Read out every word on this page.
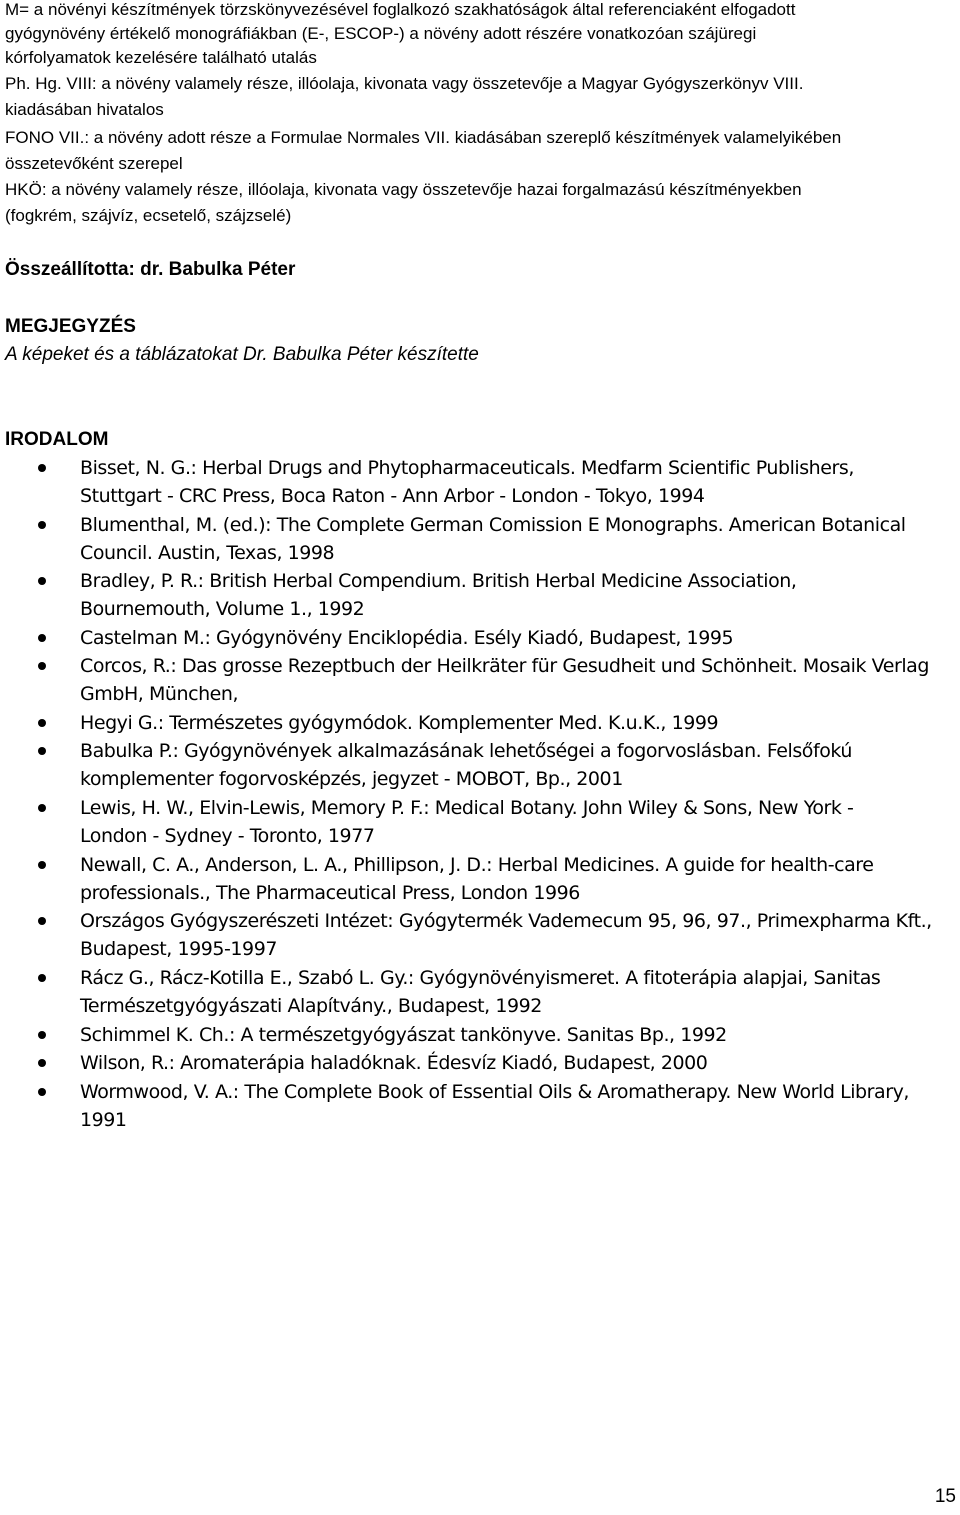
M= a növényi készítmények törzskönyvezésével foglalkozó szakhatóságok által referenciaként elfogadott
gyógynövény értékelő monográfiákban (E-, ESCOP-) a növény adott részére vonatkozóan szájüregi
kórfolyamatok kezelésére található utalás
Ph. Hg. VIII: a növény valamely része, illóolaja, kivonata vagy összetevője a Magyar Gyógyszerkönyv VIII.
kiadásában hivatalos
FONO VII.: a növény adott része a Formulae Normales VII. kiadásában szereplő készítmények valamelyikében
összetevőként szerepel
HKÖ: a növény valamely része, illóolaja, kivonata vagy összetevője hazai forgalmazású készítményekben
(fogkrém, szájvíz, ecsetelő, szájzselé)
Összeállította: dr. Babulka Péter
MEGJEGYZÉS
A képeket és a táblázatokat Dr. Babulka Péter készítette
IRODALOM
Bisset, N. G.: Herbal Drugs and Phytopharmaceuticals. Medfarm Scientific Publishers,
Stuttgart - CRC Press, Boca Raton - Ann Arbor - London - Tokyo, 1994
Blumenthal, M. (ed.): The Complete German Comission E Monographs. American Botanical
Council. Austin, Texas, 1998
Bradley, P. R.: British Herbal Compendium. British Herbal Medicine Association,
Bournemouth, Volume 1., 1992
Castelman M.: Gyógynövény Enciklopédia. Esély Kiadó, Budapest, 1995
Corcos, R.: Das grosse Rezeptbuch der Heilkräter für Gesudheit und Schönheit. Mosaik Verlag
GmbH, München,
Hegyi G.: Természetes gyógymódok. Komplementer Med. K.u.K., 1999
Babulka P.: Gyógynövények alkalmazásának lehetőségei a fogorvoslásban. Felsőfokú
komplementer fogorvosképzés, jegyzet - MOBOT, Bp., 2001
Lewis, H. W., Elvin-Lewis, Memory P. F.: Medical Botany. John Wiley & Sons, New York -
London - Sydney - Toronto, 1977
Newall, C. A., Anderson, L. A., Phillipson, J. D.: Herbal Medicines. A guide for health-care
professionals., The Pharmaceutical Press, London 1996
Országos Gyógyszerészeti Intézet: Gyógytermék Vademecum 95, 96, 97., Primexpharma Kft.,
Budapest, 1995-1997
Rácz G., Rácz-Kotilla E., Szabó L. Gy.: Gyógynövényismeret. A fitoterápia alapjai, Sanitas
Természetgyógyászati Alapítvány., Budapest, 1992
Schimmel K. Ch.: A természetgyógyászat tankönyve. Sanitas Bp., 1992
Wilson, R.: Aromaterápia haladóknak. Édesvíz Kiadó, Budapest, 2000
Wormwood, V. A.: The Complete Book of Essential Oils & Aromatherapy. New World Library,
1991
15
